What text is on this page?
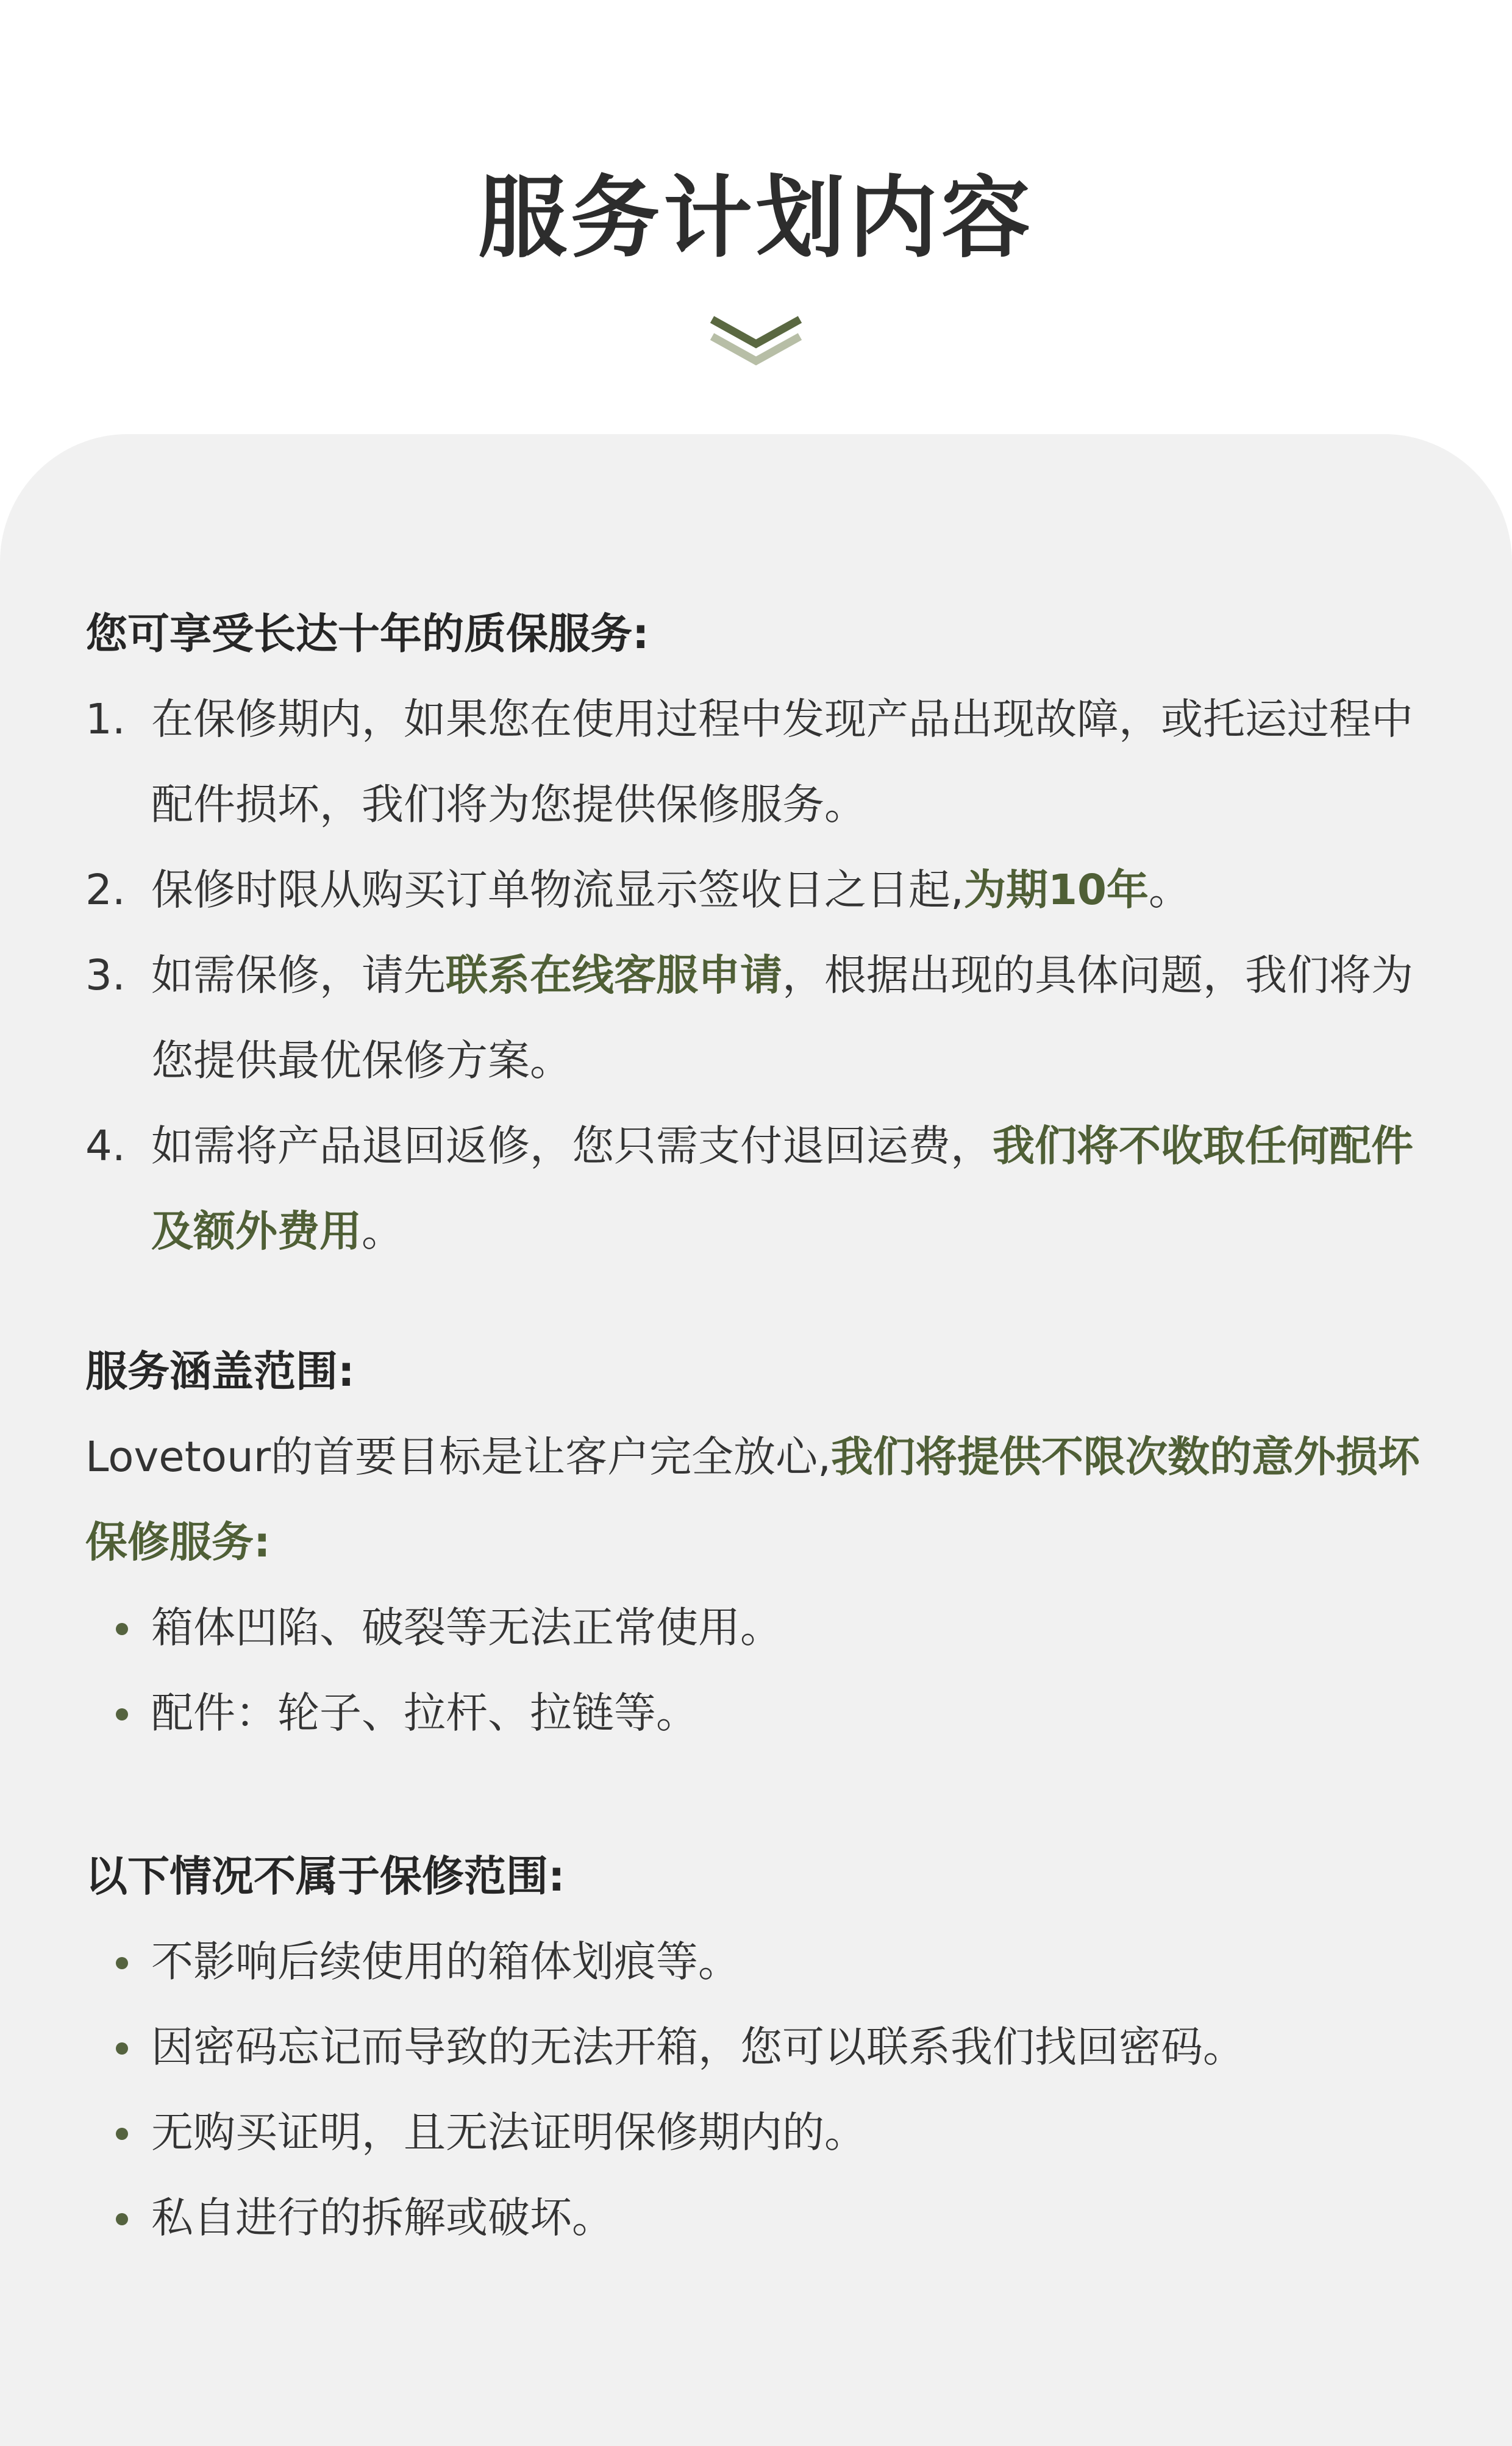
服务计划内容

您可享受长达十年的质保服务:

1. 在保修期内，如果您在使用过程中发现产品出现故障，或托运过程中配件损坏，我们将为您提供保修服务。
2. 保修时限从购买订单物流显示签收日之日起,为期10年。
3. 如需保修，请先联系在线客服申请，根据出现的具体问题，我们将为您提供最优保修方案。
4. 如需将产品退回返修，您只需支付退回运费，我们将不收取任何配件及额外费用。

服务涵盖范围:

Lovetour的首要目标是让客户完全放心,我们将提供不限次数的意外损坏保修服务:

箱体凹陷、破裂等无法正常使用。
配件：轮子、拉杆、拉链等。

以下情况不属于保修范围:

不影响后续使用的箱体划痕等。
因密码忘记而导致的无法开箱，您可以联系我们找回密码。
无购买证明，且无法证明保修期内的。
私自进行的拆解或破坏。
